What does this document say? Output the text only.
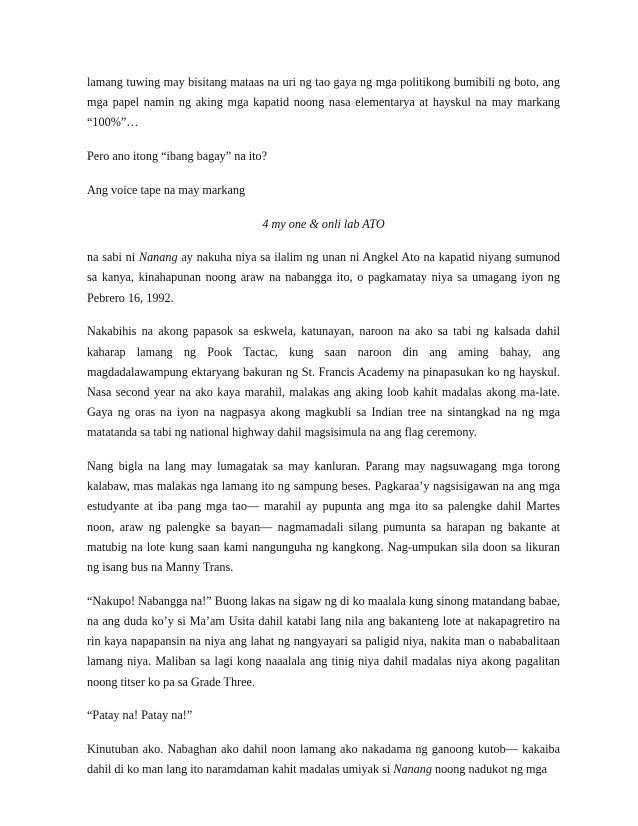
lamang tuwing may bisitang mataas na uri ng tao gaya ng mga politikong bumibili ng boto, ang mga papel namin ng aking mga kapatid noong nasa elementarya at hayskul na may markang “100%”…

Pero ano itong “ibang bagay” na ito?

Ang voice tape na may markang

4 my one & onli lab ATO

na sabi ni Nanang ay nakuha niya sa ilalim ng unan ni Angkel Ato na kapatid niyang sumunod sa kanya, kinahapunan noong araw na nabangga ito, o pagkamatay niya sa umagang iyon ng Pebrero 16, 1992.

Nakabihis na akong papasok sa eskwela, katunayan, naroon na ako sa tabi ng kalsada dahil kaharap lamang ng Pook Tactac, kung saan naroon din ang aming bahay, ang magdadalawampung ektaryang bakuran ng St. Francis Academy na pinapasukan ko ng hayskul. Nasa second year na ako kaya marahil, malakas ang aking loob kahit madalas akong ma-late. Gaya ng oras na iyon na nagpasya akong magkubli sa Indian tree na sintangkad na ng mga matatanda sa tabi ng national highway dahil magsisimula na ang flag ceremony.

Nang bigla na lang may lumagatak sa may kanluran. Parang may nagsuwagang mga torong kalabaw, mas malakas nga lamang ito ng sampung beses. Pagkaraa’y nagsisigawan na ang mga estudyante at iba pang mga tao— marahil ay pupunta ang mga ito sa palengke dahil Martes noon, araw ng palengke sa bayan— nagmamadali silang pumunta sa harapan ng bakante at matubig na lote kung saan kami nangunguha ng kangkong. Nag-umpukan sila doon sa likuran ng isang bus na Manny Trans.

“Nakupo! Nabangga na!” Buong lakas na sigaw ng di ko maalala kung sinong matandang babae, na ang duda ko’y si Ma’am Usita dahil katabi lang nila ang bakanteng lote at nakapagretiro na rin kaya napapansin na niya ang lahat ng nangyayari sa paligid niya, nakita man o nababalitaan lamang niya. Maliban sa lagi kong naaalala ang tinig niya dahil madalas niya akong pagalitan noong titser ko pa sa Grade Three.

“Patay na! Patay na!”

Kinutuban ako. Nabaghan ako dahil noon lamang ako nakadama ng ganoong kutob— kakaiba dahil di ko man lang ito naramdaman kahit madalas umiyak si Nanang noong nadukot ng mga
